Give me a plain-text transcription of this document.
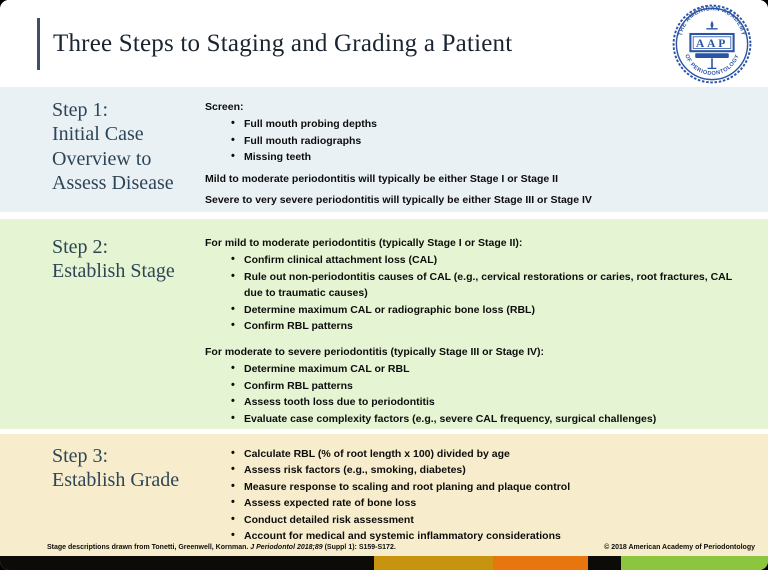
Three Steps to Staging and Grading a Patient	THE AMERICAN ACADEMY
OF PERIODONTOLOGY
AAP
Step 1:
Initial Case
Overview to
Assess Disease

Screen:

• Full mouth probing depths
• Full mouth radiographs
• Missing teeth

Mild to moderate periodontitis will typically be either Stage I or Stage II

Severe to very severe periodontitis will typically be either Stage III or Stage IV

Step 2:
Establish Stage

For mild to moderate periodontitis (typically Stage I or Stage II):

• Confirm clinical attachment loss (CAL)
• Rule out non-periodontitis causes of CAL (e.g., cervical restorations or caries, root fractures, CAL due to traumatic causes)
• Determine maximum CAL or radiographic bone loss (RBL)
• Confirm RBL patterns

For moderate to severe periodontitis (typically Stage III or Stage IV):

• Determine maximum CAL or RBL
• Confirm RBL patterns
• Assess tooth loss due to periodontitis
• Evaluate case complexity factors (e.g., severe CAL frequency, surgical challenges)
Step 3:
Establish Grade
• Calculate RBL (% of root length x 100) divided by age
• Assess risk factors (e.g., smoking, diabetes)
• Measure response to scaling and root planing and plaque control
• Assess expected rate of bone loss
• Conduct detailed risk assessment
• Account for medical and systemic inflammatory considerations

Stage descriptions drawn from Tonetti, Greenwell, Kornman. J Periodontol 2018;89 (Suppl 1): S159-S172.	© 2018 American Academy of Periodontology
